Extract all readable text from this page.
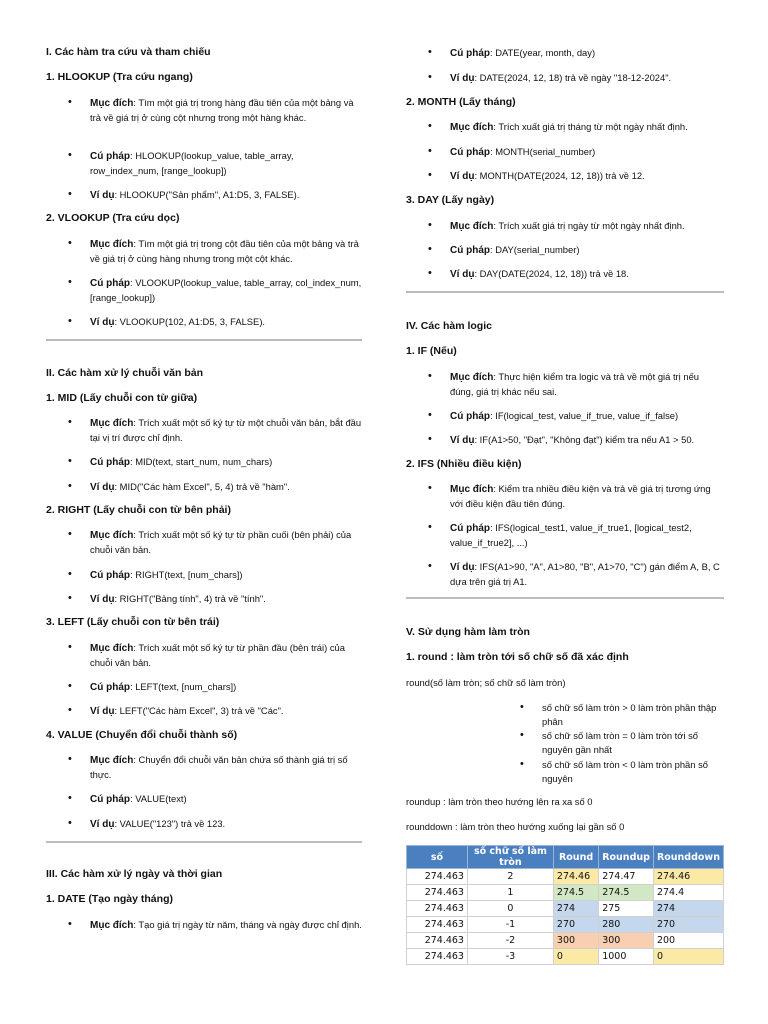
I. Các hàm tra cứu và tham chiếu
1. HLOOKUP (Tra cứu ngang)
• Mục đích: Tìm một giá trị trong hàng đầu tiên của một bảng và trả về giá trị ở cùng cột nhưng trong một hàng khác.
• Cú pháp: HLOOKUP(lookup_value, table_array, row_index_num, [range_lookup])
• Ví dụ: HLOOKUP("Sản phẩm", A1:D5, 3, FALSE).
2. VLOOKUP (Tra cứu dọc)
• Mục đích: Tìm một giá trị trong cột đầu tiên của một bảng và trả về giá trị ở cùng hàng nhưng trong một cột khác.
• Cú pháp: VLOOKUP(lookup_value, table_array, col_index_num, [range_lookup])
• Ví dụ: VLOOKUP(102, A1:D5, 3, FALSE).
II. Các hàm xử lý chuỗi văn bản
1. MID (Lấy chuỗi con từ giữa)
• Mục đích: Trích xuất một số ký tự từ một chuỗi văn bản, bắt đầu tại vị trí được chỉ định.
• Cú pháp: MID(text, start_num, num_chars)
• Ví dụ: MID("Các hàm Excel", 5, 4) trả về "hàm".
2. RIGHT (Lấy chuỗi con từ bên phải)
• Mục đích: Trích xuất một số ký tự từ phần cuối (bên phải) của chuỗi văn bản.
• Cú pháp: RIGHT(text, [num_chars])
• Ví dụ: RIGHT("Bảng tính", 4) trả về "tính".
3. LEFT (Lấy chuỗi con từ bên trái)
• Mục đích: Trích xuất một số ký tự từ phần đầu (bên trái) của chuỗi văn bản.
• Cú pháp: LEFT(text, [num_chars])
• Ví dụ: LEFT("Các hàm Excel", 3) trả về "Các".
4. VALUE (Chuyển đổi chuỗi thành số)
• Mục đích: Chuyển đổi chuỗi văn bản chứa số thành giá trị số thực.
• Cú pháp: VALUE(text)
• Ví dụ: VALUE("123") trả về 123.
III. Các hàm xử lý ngày và thời gian
1. DATE (Tạo ngày tháng)
• Mục đích: Tạo giá trị ngày từ năm, tháng và ngày được chỉ định.
• Cú pháp: DATE(year, month, day)
• Ví dụ: DATE(2024, 12, 18) trả về ngày "18-12-2024".
2. MONTH (Lấy tháng)
• Mục đích: Trích xuất giá trị tháng từ một ngày nhất định.
• Cú pháp: MONTH(serial_number)
• Ví dụ: MONTH(DATE(2024, 12, 18)) trả về 12.
3. DAY (Lấy ngày)
• Mục đích: Trích xuất giá trị ngày từ một ngày nhất định.
• Cú pháp: DAY(serial_number)
• Ví dụ: DAY(DATE(2024, 12, 18)) trả về 18.
IV. Các hàm logic
1. IF (Nếu)
• Mục đích: Thực hiện kiểm tra logic và trả về một giá trị nếu đúng, giá trị khác nếu sai.
• Cú pháp: IF(logical_test, value_if_true, value_if_false)
• Ví dụ: IF(A1>50, "Đạt", "Không đạt") kiểm tra nếu A1 > 50.
2. IFS (Nhiều điều kiện)
• Mục đích: Kiểm tra nhiều điều kiện và trả về giá trị tương ứng với điều kiện đầu tiên đúng.
• Cú pháp: IFS(logical_test1, value_if_true1, [logical_test2, value_if_true2], ...)
• Ví dụ: IFS(A1>90, "A", A1>80, "B", A1>70, "C") gán điểm A, B, C dựa trên giá trị A1.
V. Sử dụng hàm làm tròn
1. round : làm tròn tới số chữ số đã xác định
round(số làm tròn; số chữ số làm tròn)
• số chữ số làm tròn > 0 làm tròn phần thập phân
• số chữ số làm tròn = 0 làm tròn tới số nguyên gần nhất
• số chữ số làm tròn < 0 làm tròn phần số nguyên
roundup : làm tròn theo hướng lên ra xa số 0
rounddown : làm tròn theo hướng xuống lại gần số 0
số	số chữ số làm tròn	Round	Roundup	Rounddown
274.463	2	274.46	274.47	274.46
274.463	1	274.5	274.5	274.4
274.463	0	274	275	274
274.463	-1	270	280	270
274.463	-2	300	300	200
274.463	-3	0	1000	0
